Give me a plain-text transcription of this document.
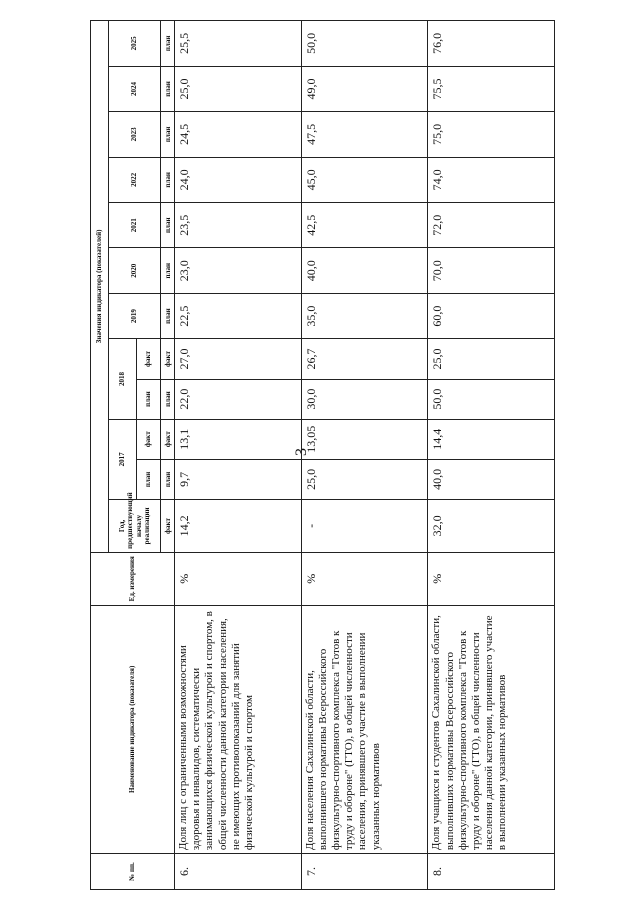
3
№ пп.	Наименование индикатора (показателя)	Ед. измерения	Значения индикатора (показателей)											
			Год, предшествующий началу реализации	2017		2018		2019	2020	2021	2022	2023	2024	2025
				план	факт	план	факт							
			факт	план	факт	план	факт	план	план	план	план	план	план	план
6.	Доля лиц с ограниченными возможностями здоровья и инвалидов, систематически занимающихся физической культурой и спортом, в общей численности данной категории населения, не имеющих противопоказаний для занятий физической культурой и спортом	%	14,2	9,7	13,1	22,0	27,0	22,5	23,0	23,5	24,0	24,5	25,0	25,5
7.	Доля населения Сахалинской области, выполнившего нормативы Всероссийского физкультурно-спортивного комплекса "Готов к труду и обороне" (ГТО), в общей численности населения, принявшего участие в выполнении указанных нормативов	%	-	25,0	13,05	30,0	26,7	35,0	40,0	42,5	45,0	47,5	49,0	50,0
8.	Доля учащихся и студентов Сахалинской области, выполнивших нормативы Всероссийского физкультурно-спортивного комплекса "Готов к труду и обороне" (ГТО), в общей численности населения данной категории, принявшего участие в выполнении указанных нормативов	%	32,0	40,0	14,4	50,0	25,0	60,0	70,0	72,0	74,0	75,0	75,5	76,0
